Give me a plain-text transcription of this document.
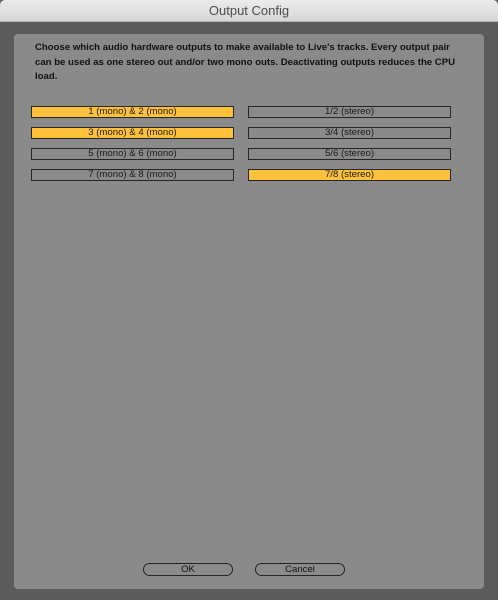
Output Config
Choose which audio hardware outputs to make available to Live's tracks. Every output pair can be used as one stereo out and/or two mono outs. Deactivating outputs reduces the CPU load.
1 (mono) & 2 (mono)
3 (mono) & 4 (mono)
5 (mono) & 6 (mono)
7 (mono) & 8 (mono)
1/2 (stereo)
3/4 (stereo)
5/6 (stereo)
7/8 (stereo)
OK	Cancel
